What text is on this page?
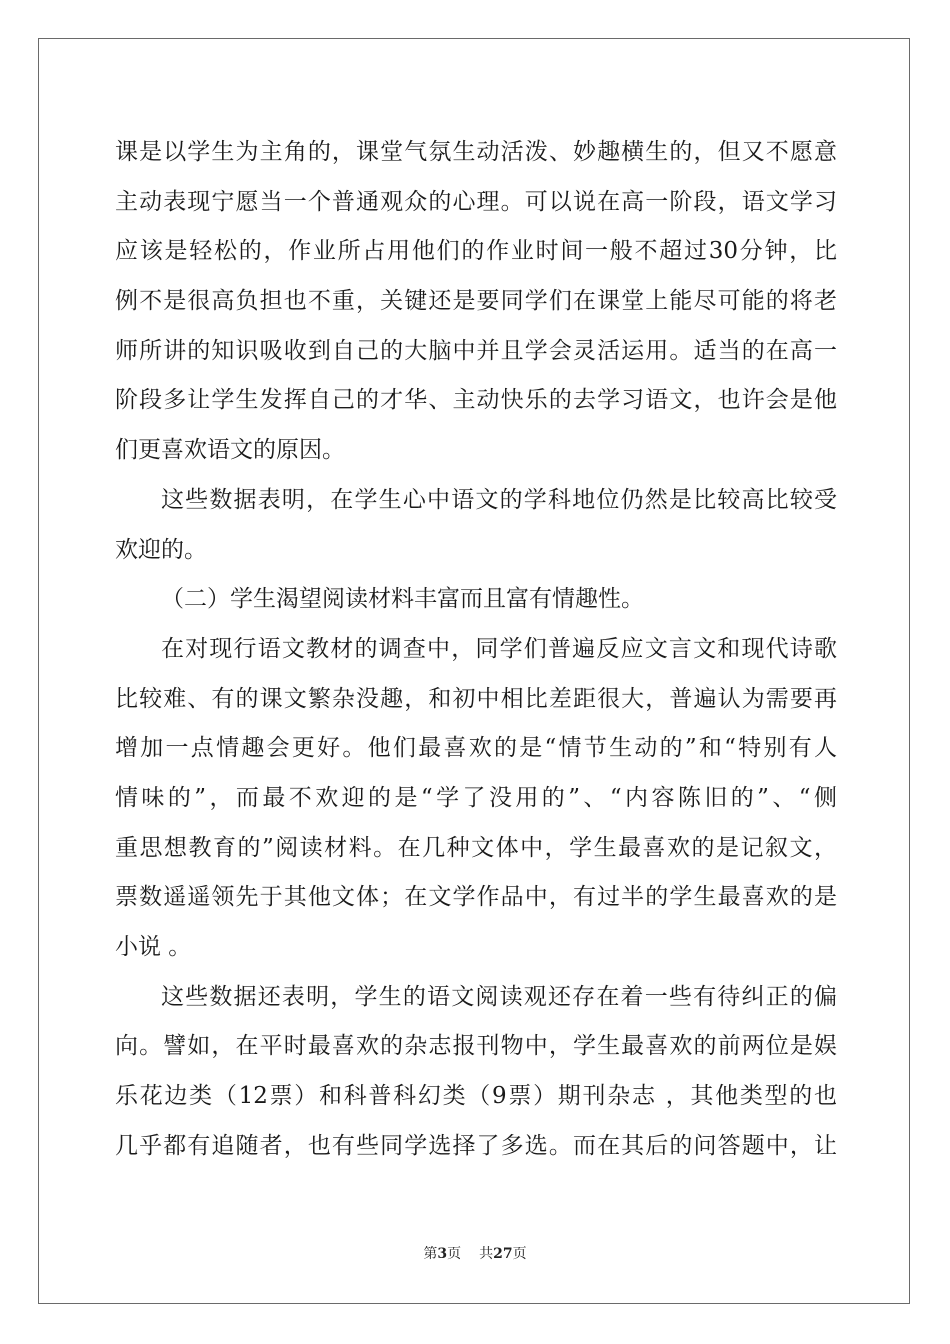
课是以学生为主角的，课堂气氛生动活泼、妙趣横生的，但又不愿意
主动表现宁愿当一个普通观众的心理。可以说在高一阶段，语文学习
应该是轻松的，作业所占用他们的作业时间一般不超过30分钟，比
例不是很高负担也不重，关键还是要同学们在课堂上能尽可能的将老
师所讲的知识吸收到自己的大脑中并且学会灵活运用。适当的在高一
阶段多让学生发挥自己的才华、主动快乐的去学习语文，也许会是他
们更喜欢语文的原因。
这些数据表明，在学生心中语文的学科地位仍然是比较高比较受
欢迎的。
（二）学生渴望阅读材料丰富而且富有情趣性。
在对现行语文教材的调查中，同学们普遍反应文言文和现代诗歌
比较难、有的课文繁杂没趣，和初中相比差距很大，普遍认为需要再
增加一点情趣会更好。他们最喜欢的是“情节生动的”和“特别有人
情味的”，而最不欢迎的是“学了没用的”、“内容陈旧的”、“侧
重思想教育的”阅读材料。在几种文体中，学生最喜欢的是记叙文，
票数遥遥领先于其他文体；在文学作品中，有过半的学生最喜欢的是
小说 。
这些数据还表明，学生的语文阅读观还存在着一些有待纠正的偏
向。譬如，在平时最喜欢的杂志报刊物中，学生最喜欢的前两位是娱
乐花边类（12票）和科普科幻类（9票）期刊杂志 ，其他类型的也
几乎都有追随者，也有些同学选择了多选。而在其后的问答题中，让
第3页 共27页
